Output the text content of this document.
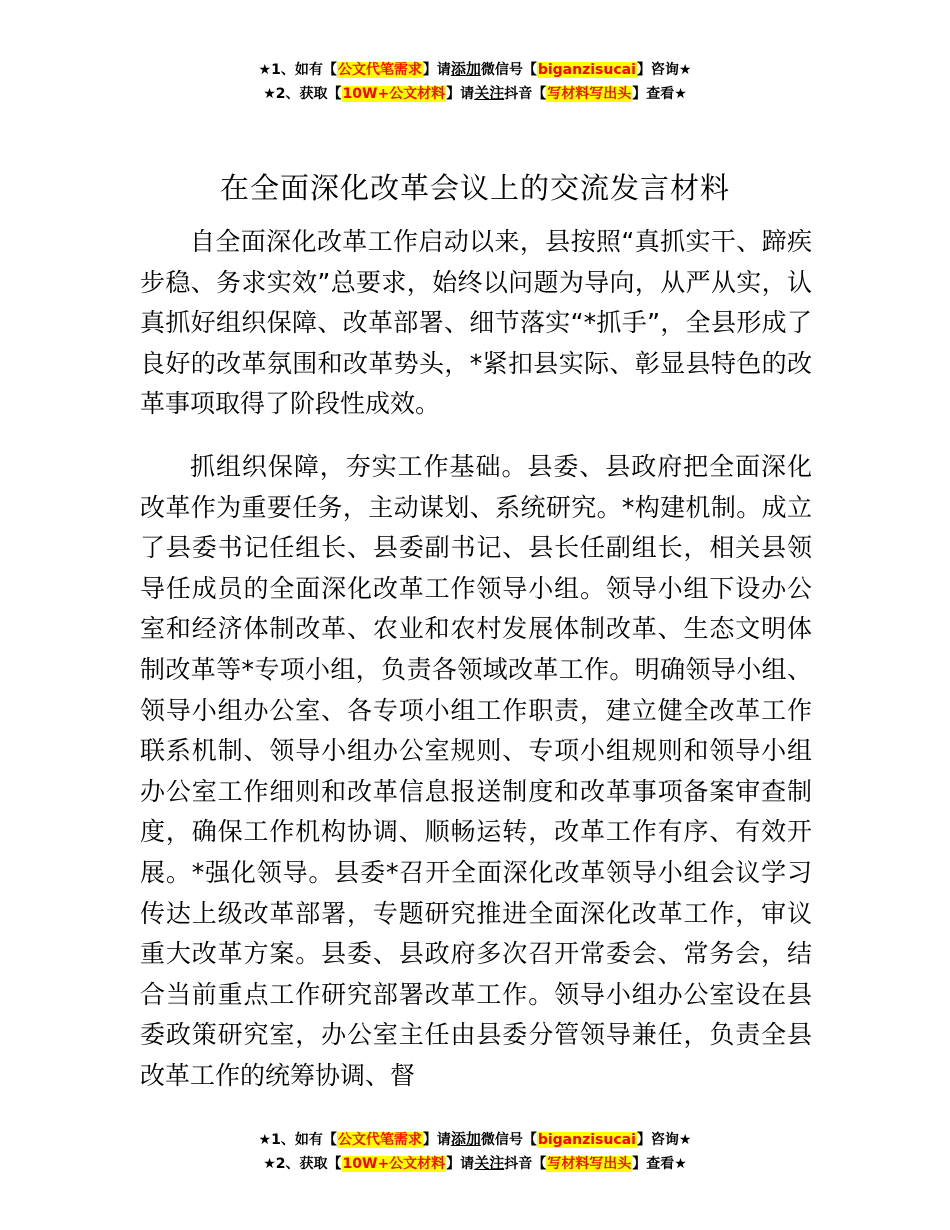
★1、如有【公文代笔需求】请添加微信号【biganzisucai】咨询★
★2、获取【10W+公文材料】请关注抖音【写材料写出头】查看★
在全面深化改革会议上的交流发言材料

自全面深化改革工作启动以来，县按照“真抓实干、蹄疾步稳、务求实效”总要求，始终以问题为导向，从严从实，认真抓好组织保障、改革部署、细节落实“*抓手”，全县形成了良好的改革氛围和改革势头，*紧扣县实际、彰显县特色的改革事项取得了阶段性成效。

抓组织保障，夯实工作基础。县委、县政府把全面深化改革作为重要任务，主动谋划、系统研究。*构建机制。成立了县委书记任组长、县委副书记、县长任副组长，相关县领导任成员的全面深化改革工作领导小组。领导小组下设办公室和经济体制改革、农业和农村发展体制改革、生态文明体制改革等*专项小组，负责各领域改革工作。明确领导小组、领导小组办公室、各专项小组工作职责，建立健全改革工作联系机制、领导小组办公室规则、专项小组规则和领导小组办公室工作细则和改革信息报送制度和改革事项备案审查制度，确保工作机构协调、顺畅运转，改革工作有序、有效开展。*强化领导。县委*召开全面深化改革领导小组会议学习传达上级改革部署，专题研究推进全面深化改革工作，审议重大改革方案。县委、县政府多次召开常委会、常务会，结合当前重点工作研究部署改革工作。领导小组办公室设在县委政策研究室，办公室主任由县委分管领导兼任，负责全县改革工作的统筹协调、督

★1、如有【公文代笔需求】请添加微信号【biganzisucai】咨询★
★2、获取【10W+公文材料】请关注抖音【写材料写出头】查看★
